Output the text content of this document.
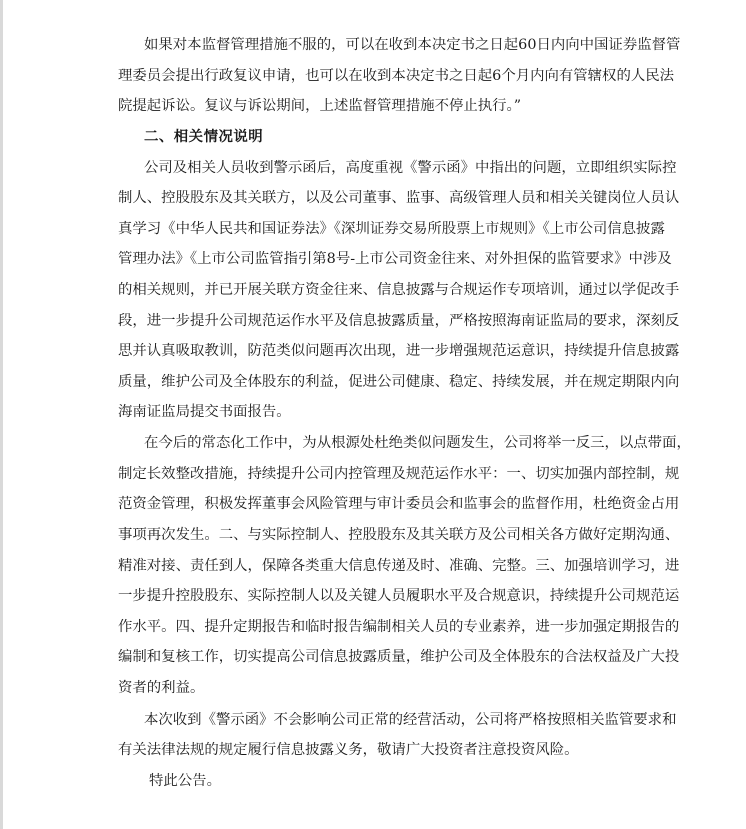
如果对本监督管理措施不服的，可以在收到本决定书之日起60日内向中国证券监督管
理委员会提出行政复议申请，也可以在收到本决定书之日起6个月内向有管辖权的人民法
院提起诉讼。复议与诉讼期间，上述监督管理措施不停止执行。”
二、相关情况说明
公司及相关人员收到警示函后，高度重视《警示函》中指出的问题，立即组织实际控
制人、控股股东及其关联方，以及公司董事、监事、高级管理人员和相关关键岗位人员认
真学习《中华人民共和国证券法》《深圳证券交易所股票上市规则》《上市公司信息披露
管理办法》《上市公司监管指引第8号-上市公司资金往来、对外担保的监管要求》中涉及
的相关规则，并已开展关联方资金往来、信息披露与合规运作专项培训，通过以学促改手
段，进一步提升公司规范运作水平及信息披露质量，严格按照海南证监局的要求，深刻反
思并认真吸取教训，防范类似问题再次出现，进一步增强规范运意识，持续提升信息披露
质量，维护公司及全体股东的利益，促进公司健康、稳定、持续发展，并在规定期限内向
海南证监局提交书面报告。
在今后的常态化工作中，为从根源处杜绝类似问题发生，公司将举一反三，以点带面，
制定长效整改措施，持续提升公司内控管理及规范运作水平：一、切实加强内部控制，规
范资金管理，积极发挥董事会风险管理与审计委员会和监事会的监督作用，杜绝资金占用
事项再次发生。二、与实际控制人、控股股东及其关联方及公司相关各方做好定期沟通、
精准对接、责任到人，保障各类重大信息传递及时、准确、完整。三、加强培训学习，进
一步提升控股股东、实际控制人以及关键人员履职水平及合规意识，持续提升公司规范运
作水平。四、提升定期报告和临时报告编制相关人员的专业素养，进一步加强定期报告的
编制和复核工作，切实提高公司信息披露质量，维护公司及全体股东的合法权益及广大投
资者的利益。
本次收到《警示函》不会影响公司正常的经营活动，公司将严格按照相关监管要求和
有关法律法规的规定履行信息披露义务，敬请广大投资者注意投资风险。
特此公告。
